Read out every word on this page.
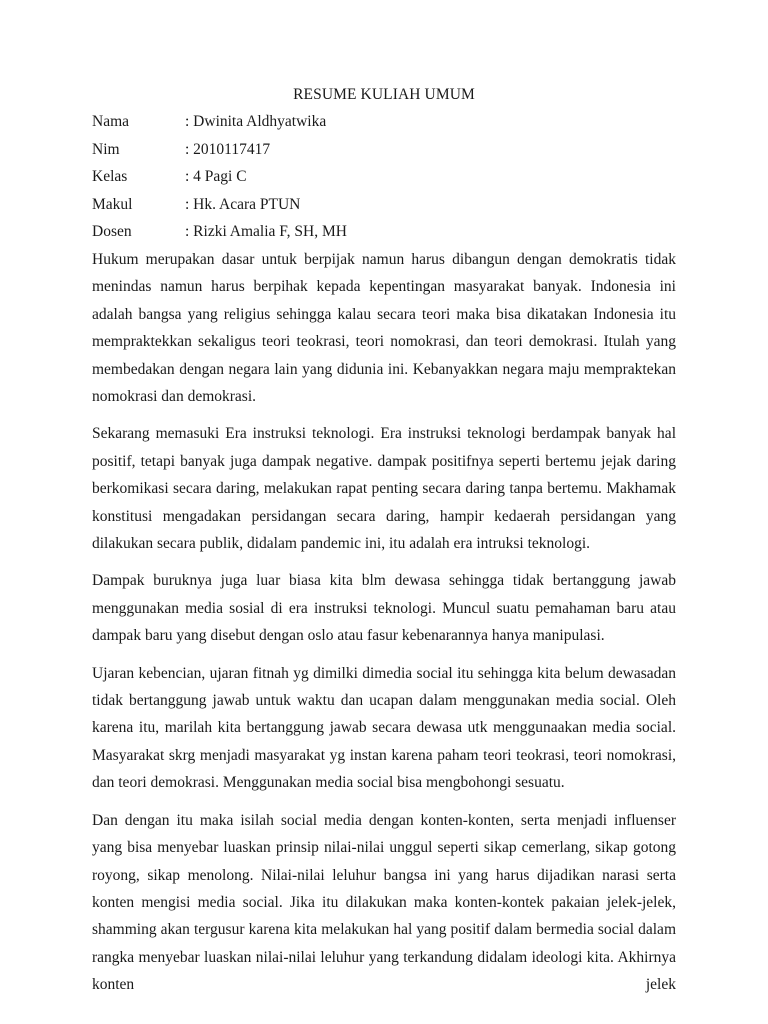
RESUME KULIAH UMUM
Nama	: Dwinita Aldhyatwika
Nim	: 2010117417
Kelas	: 4 Pagi C
Makul	: Hk. Acara PTUN
Dosen	: Rizki Amalia F, SH, MH

Hukum merupakan dasar untuk berpijak namun harus dibangun dengan demokratis tidak menindas namun harus berpihak kepada kepentingan masyarakat banyak. Indonesia ini adalah bangsa yang religius sehingga kalau secara teori maka bisa dikatakan Indonesia itu mempraktekkan sekaligus teori teokrasi, teori nomokrasi, dan teori demokrasi. Itulah yang membedakan dengan negara lain yang didunia ini. Kebanyakkan negara maju mempraktekan nomokrasi dan demokrasi.

Sekarang memasuki Era instruksi teknologi. Era instruksi teknologi berdampak banyak hal positif, tetapi banyak juga dampak negative. dampak positifnya seperti bertemu jejak daring berkomikasi secara daring, melakukan rapat penting secara daring tanpa bertemu. Makhamak konstitusi mengadakan persidangan secara daring, hampir kedaerah persidangan yang dilakukan secara publik, didalam pandemic ini, itu adalah era intruksi teknologi.

Dampak buruknya juga luar biasa kita blm dewasa sehingga tidak bertanggung jawab menggunakan media sosial di era instruksi teknologi. Muncul suatu pemahaman baru atau dampak baru yang disebut dengan oslo atau fasur kebenarannya hanya manipulasi.

Ujaran kebencian, ujaran fitnah yg dimilki dimedia social itu sehingga kita belum dewasadan tidak bertanggung jawab untuk waktu dan ucapan dalam menggunakan media social. Oleh karena itu, marilah kita bertanggung jawab secara dewasa utk menggunaakan media social. Masyarakat skrg menjadi masyarakat yg instan karena paham teori teokrasi, teori nomokrasi, dan teori demokrasi. Menggunakan media social bisa mengbohongi sesuatu.

Dan dengan itu maka isilah social media dengan konten-konten, serta menjadi influenser yang bisa menyebar luaskan prinsip nilai-nilai unggul seperti sikap cemerlang, sikap gotong royong, sikap menolong. Nilai-nilai leluhur bangsa ini yang harus dijadikan narasi serta konten mengisi media social. Jika itu dilakukan maka konten-kontek pakaian jelek-jelek, shamming akan tergusur karena kita melakukan hal yang positif dalam bermedia social dalam rangka menyebar luaskan nilai-nilai leluhur yang terkandung didalam ideologi kita. Akhirnya konten jelek
